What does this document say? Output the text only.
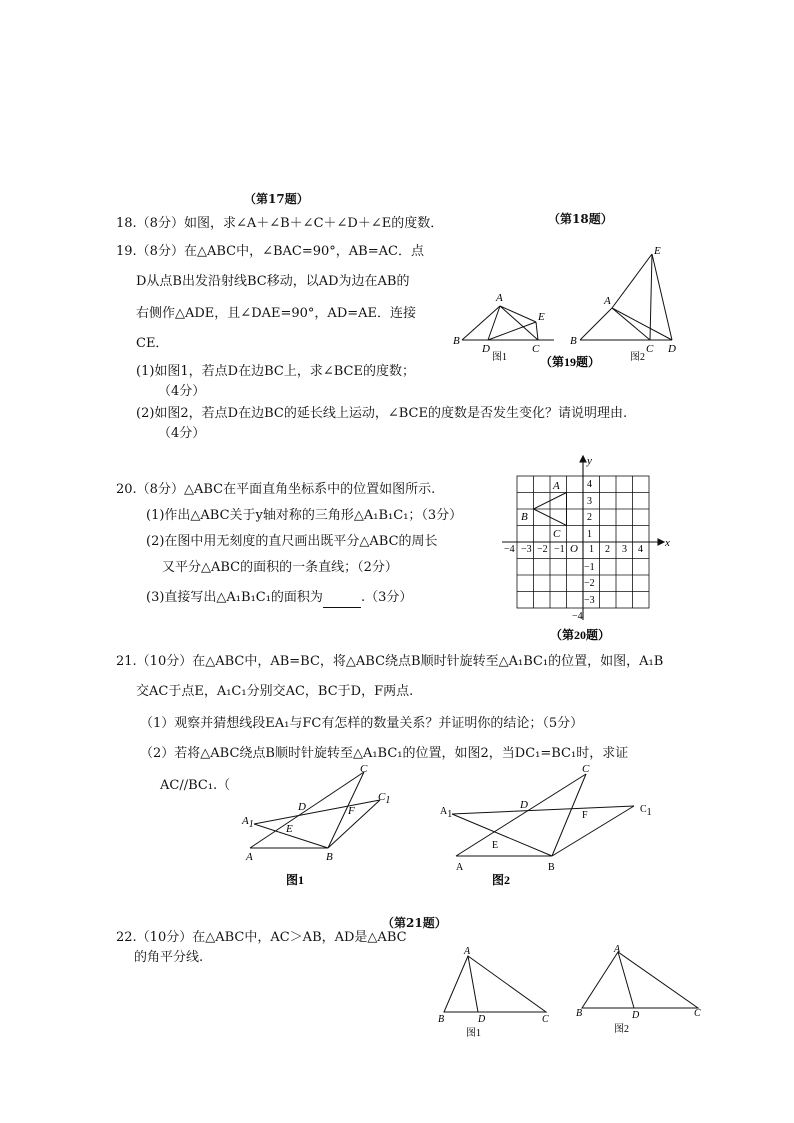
（第17题）
（第18题）
18.（8分）如图，求∠A＋∠B＋∠C＋∠D＋∠E的度数．
19.（8分）在△ABC中，∠BAC=90°，AB=AC．点
D从点B出发沿射线BC移动，以AD为边在AB的
右侧作△ADE，且∠DAE=90°，AD=AE．连接
CE．
(1)如图1，若点D在边BC上，求∠BCE的度数；
（4分）
(2)如图2，若点D在边BC的延长线上运动，∠BCE的度数是否发生变化？请说明理由.
（4分）
A
B
D	C
E
图1	（第19题）
A
B
C D
E
图2
20.（8分）△ABC在平面直角坐标系中的位置如图所示.
(1)作出△ABC关于y轴对称的三角形△A₁B₁C₁；（3分）
(2)在图中用无刻度的直尺画出既平分△ABC的周长
又平分△ABC的面积的一条直线；（2分）
(3)直接写出△A₁B₁C₁的面积为	.（3分）
x
y
O
−4 −3 −2 −1 1 2 3 4
4
3
2
1
−1
−2
−3
−4
A
B
C
（第20题）
21.（10分）在△ABC中，AB=BC，将△ABC绕点B顺时针旋转至△A₁BC₁的位置，如图，A₁B
交AC于点E，A₁C₁分别交AC，BC于D，F两点.
（1）观察并猜想线段EA₁与FC有怎样的数量关系？并证明你的结论；（5分）
（2）若将△ABC绕点B顺时针旋转至△A₁BC₁的位置，如图2，当DC₁=BC₁时，求证
AC//BC₁.（
C
C1
A1
D
E
F
A	B
图1
C
C1
A1
D
E
F
A	B
图2
（第21题）
22.（10分）在△ABC中，AC＞AB，AD是△ABC
的角平分线.	A
B	D	C
图1
A
B	D	C
图2
